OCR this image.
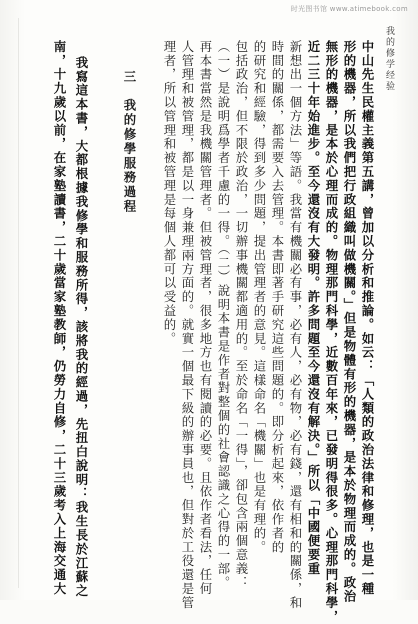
时光图书馆 www.atimebook.com
我的修学经验
中山先生民權主義第五講，曾加以分析和推論。如云：「人類的政治法律和修理，也是一種
形的機器，所以我們把行政組織叫做機關。」但是物體有形的機器，是本於物理而成的。政治
無形的機器，是本於心理而成的。物理那門科學，近數百年來，已發明得很多。心理那門科學，
近二三十年始進步。至今還沒有大發明。許多問題至今還沒有解決。」所以「中國便要重
新想出一個方法」等語。我當有機關必有事，必有人，必有物，必有錢，還有相和的關係，和
時間的關係，都需要入去管理。本書即著手研究這些問題的。即分析起來，依作者的
的研究和經驗，得到多少問題，提出管理者的意見。這樣命名「機關」也是有理的。
包括政治，但不限於政治，一切辦事機關都適用的。至於命名「一得」，卻包含兩個意義：
（一）是說明爲學者千慮的一得。（二）說明本書是作者對整個的社會認識之心得的一部。
再本書當然是我機關管理者。但被管理者，很多地方也有閱讀的必要。且依作者看法，任何
人管理和被管理，都是以一身兼理兩方面的。就實一個最下級的辦事員也，但對於工役還是管
理者，所以管理和被管理是每個人都可以受益的。
三　我的修學服務過程
我寫這本書，大都根據我修學和服務所得，該將我的經過，先扭白說明：我生長於江蘇之
南，十九歲以前，在家塾讀書，二十歲當家塾教師，仍勞力自修，二十三歲考入上海交通大
